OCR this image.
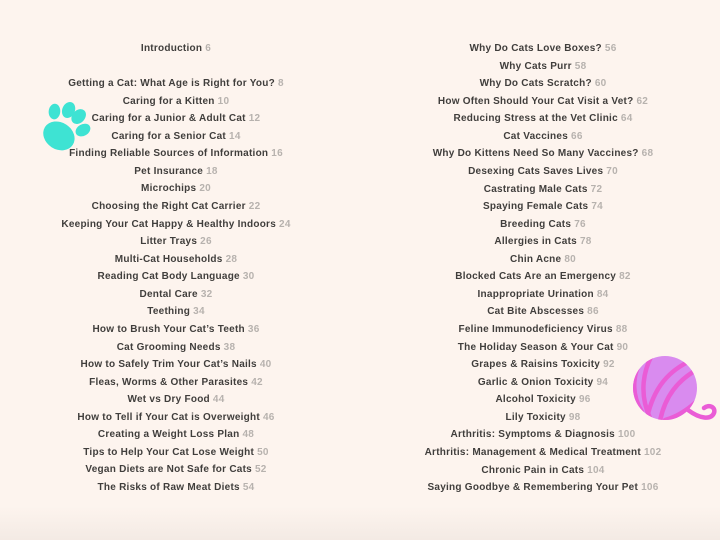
Introduction 6
Getting a Cat: What Age is Right for You? 8
Caring for a Kitten 10
Caring for a Junior & Adult Cat 12
Caring for a Senior Cat 14
Finding Reliable Sources of Information 16
Pet Insurance 18
Microchips 20
Choosing the Right Cat Carrier 22
Keeping Your Cat Happy & Healthy Indoors 24
Litter Trays 26
Multi-Cat Households 28
Reading Cat Body Language 30
Dental Care 32
Teething 34
How to Brush Your Cat’s Teeth 36
Cat Grooming Needs 38
How to Safely Trim Your Cat’s Nails 40
Fleas, Worms & Other Parasites 42
Wet vs Dry Food 44
How to Tell if Your Cat is Overweight 46
Creating a Weight Loss Plan 48
Tips to Help Your Cat Lose Weight 50
Vegan Diets are Not Safe for Cats 52
The Risks of Raw Meat Diets 54
Why Do Cats Love Boxes? 56
Why Cats Purr 58
Why Do Cats Scratch? 60
How Often Should Your Cat Visit a Vet? 62
Reducing Stress at the Vet Clinic 64
Cat Vaccines 66
Why Do Kittens Need So Many Vaccines? 68
Desexing Cats Saves Lives 70
Castrating Male Cats 72
Spaying Female Cats 74
Breeding Cats 76
Allergies in Cats 78
Chin Acne 80
Blocked Cats Are an Emergency 82
Inappropriate Urination 84
Cat Bite Abscesses 86
Feline Immunodeficiency Virus 88
The Holiday Season & Your Cat 90
Grapes & Raisins Toxicity 92
Garlic & Onion Toxicity 94
Alcohol Toxicity 96
Lily Toxicity 98
Arthritis: Symptoms & Diagnosis 100
Arthritis: Management & Medical Treatment 102
Chronic Pain in Cats 104
Saying Goodbye & Remembering Your Pet 106
